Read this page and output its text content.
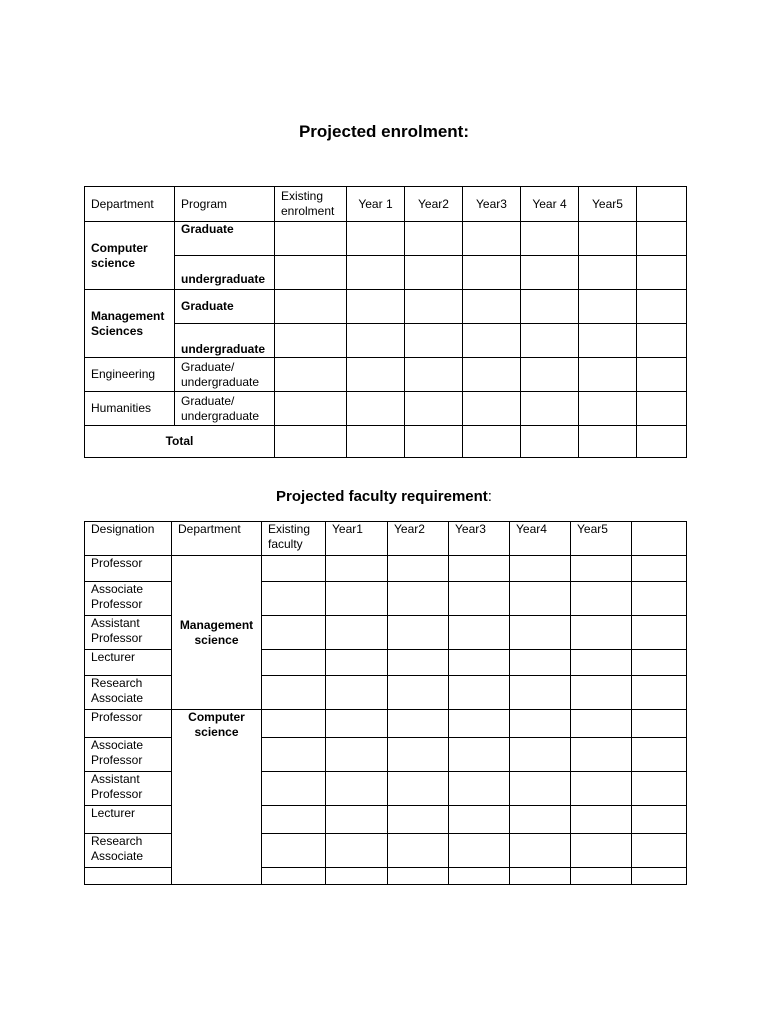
Projected enrolment:
Department	Program	Existing enrolment	Year 1	Year2	Year3	Year 4	Year5	
Computer science	Graduate							
	undergraduate							
Management Sciences	Graduate							
	undergraduate							
Engineering	Graduate/ undergraduate							
Humanities	Graduate/ undergraduate							
Total								
Projected faculty requirement:
Designation	Department	Existing faculty	Year1	Year2	Year3	Year4	Year5	
Professor	Management science							
Associate Professor								
Assistant Professor								
Lecturer								
Research Associate								
Professor	Computer science							
Associate Professor								
Assistant Professor								
Lecturer								
Research Associate								
